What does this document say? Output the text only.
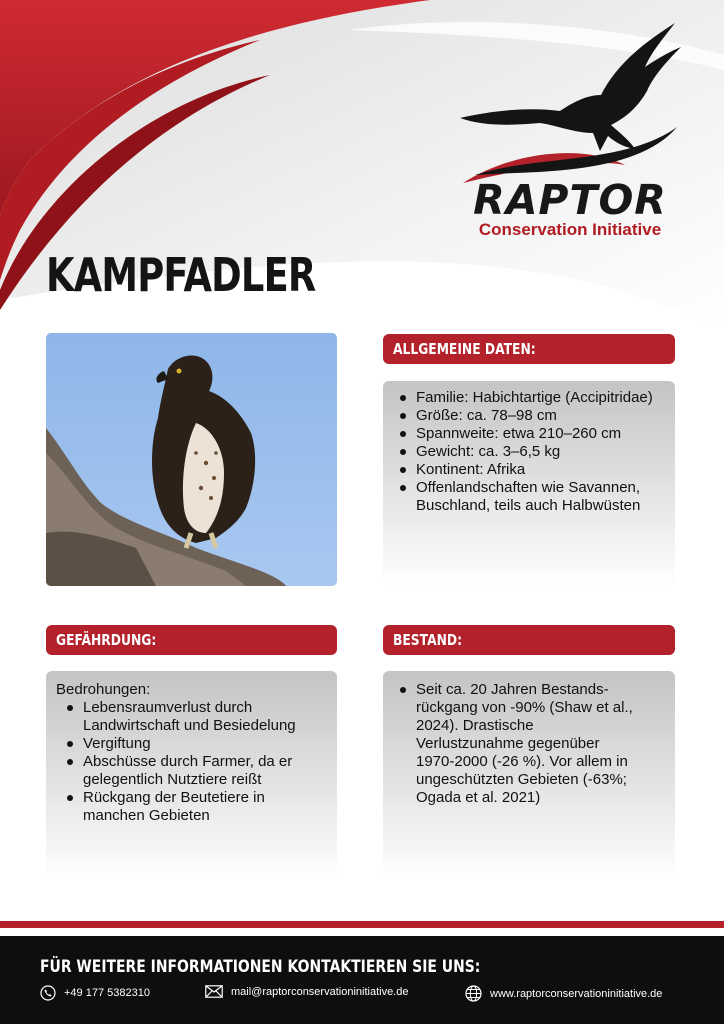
RAPTOR
Conservation Initiative
KAMPFADLER
ALLGEMEINE DATEN:
Familie: Habichtartige (Accipitridae)
Größe: ca. 78–98 cm
Spannweite: etwa 210–260 cm
Gewicht: ca. 3–6,5 kg
Kontinent: Afrika
Offenlandschaften wie Savannen, Buschland, teils auch Halbwüsten
GEFÄHRDUNG:
Bedrohungen:
Lebensraumverlust durch Landwirtschaft und Besiedelung
Vergiftung
Abschüsse durch Farmer, da er gelegentlich Nutztiere reißt
Rückgang der Beutetiere in manchen Gebieten
BESTAND:
Seit ca. 20 Jahren Bestands-rückgang von -90% (Shaw et al., 2024). Drastische Verlustzunahme gegenüber 1970-2000 (-26 %). Vor allem in ungeschützten Gebieten (-63%; Ogada et al. 2021)
FÜR WEITERE INFORMATIONEN KONTAKTIEREN SIE UNS:
+49 177 5382310	mail@raptorconservationinitiative.de	www.raptorconservationinitiative.de
